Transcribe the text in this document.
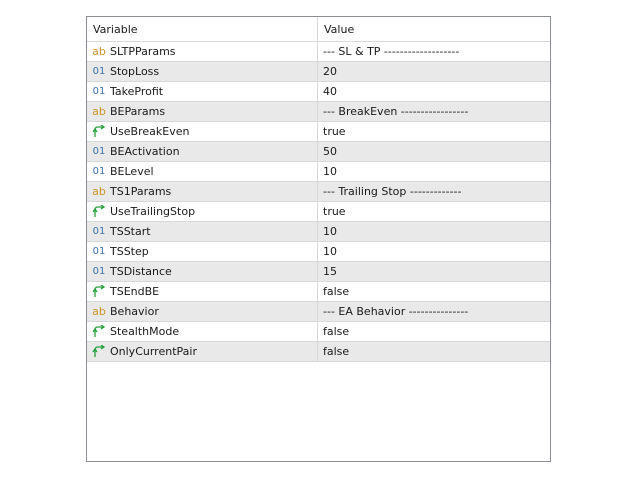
Variable	Value
ab SLTPParams	--- SL & TP -------------------
01 StopLoss	20
01 TakeProfit	40
ab BEParams	--- BreakEven -----------------
UseBreakEven	true
01 BEActivation	50
01 BELevel	10
ab TS1Params	--- Trailing Stop -------------
UseTrailingStop	true
01 TSStart	10
01 TSStep	10
01 TSDistance	15
TSEndBE	false
ab Behavior	--- EA Behavior ---------------
StealthMode	false
OnlyCurrentPair	false
